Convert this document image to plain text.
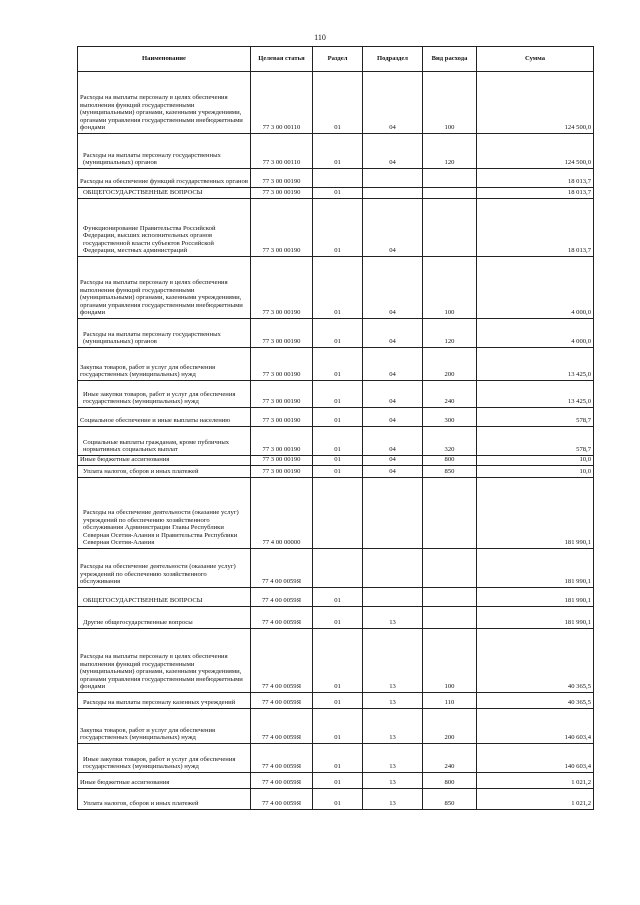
110
Наименование	Целевая статья	Раздел	Подраздел	Вид расхода	Сумма
Расходы на выплаты персоналу в целях обеспечения выполнения функций государственными (муниципальными) органами, казенными учреждениями, органами управления государственными внебюджетными фондами	77 3 00 00110	01	04	100	124 500,0
Расходы на выплаты персоналу государственных (муниципальных) органов	77 3 00 00110	01	04	120	124 500,0
Расходы на обеспечение функций государственных органов	77 3 00 00190				18 013,7
ОБЩЕГОСУДАРСТВЕННЫЕ ВОПРОСЫ	77 3 00 00190	01			18 013,7
Функционирование Правительства Российской Федерации, высших исполнительных органов государственной власти субъектов Российской Федерации, местных администраций	77 3 00 00190	01	04		18 013,7
Расходы на выплаты персоналу в целях обеспечения выполнения функций государственными (муниципальными) органами, казенными учреждениями, органами управления государственными внебюджетными фондами	77 3 00 00190	01	04	100	4 000,0
Расходы на выплаты персоналу государственных (муниципальных) органов	77 3 00 00190	01	04	120	4 000,0
Закупка товаров, работ и услуг для обеспечения государственных (муниципальных) нужд	77 3 00 00190	01	04	200	13 425,0
Иные закупки товаров, работ и услуг для обеспечения государственных (муниципальных) нужд	77 3 00 00190	01	04	240	13 425,0
Социальное обеспечение и иные выплаты населению	77 3 00 00190	01	04	300	578,7
Социальные выплаты гражданам, кроме публичных нормативных социальных выплат	77 3 00 00190	01	04	320	578,7
Иные бюджетные ассигнования	77 3 00 00190	01	04	800	10,0
Уплата налогов, сборов и иных платежей	77 3 00 00190	01	04	850	10,0
Расходы на обеспечение деятельности (оказание услуг) учреждений по обеспечению хозяйственного обслуживания Администрации Главы Республики Северная Осетия-Алания и Правительства Республики Северная Осетия-Алания	77 4 00 00000				181 990,1
Расходы на обеспечение деятельности (оказание услуг) учреждений по обеспечению хозяйственного обслуживания	77 4 00 0059Я				181 990,1
ОБЩЕГОСУДАРСТВЕННЫЕ ВОПРОСЫ	77 4 00 0059Я	01			181 990,1
Другие общегосударственные вопросы	77 4 00 0059Я	01	13		181 990,1
Расходы на выплаты персоналу в целях обеспечения выполнения функций государственными (муниципальными) органами, казенными учреждениями, органами управления государственными внебюджетными фондами	77 4 00 0059Я	01	13	100	40 365,5
Расходы на выплаты персоналу казенных учреждений	77 4 00 0059Я	01	13	110	40 365,5
Закупка товаров, работ и услуг для обеспечения государственных (муниципальных) нужд	77 4 00 0059Я	01	13	200	140 603,4
Иные закупки товаров, работ и услуг для обеспечения государственных (муниципальных) нужд	77 4 00 0059Я	01	13	240	140 603,4
Иные бюджетные ассигнования	77 4 00 0059Я	01	13	800	1 021,2
Уплата налогов, сборов и иных платежей	77 4 00 0059Я	01	13	850	1 021,2
